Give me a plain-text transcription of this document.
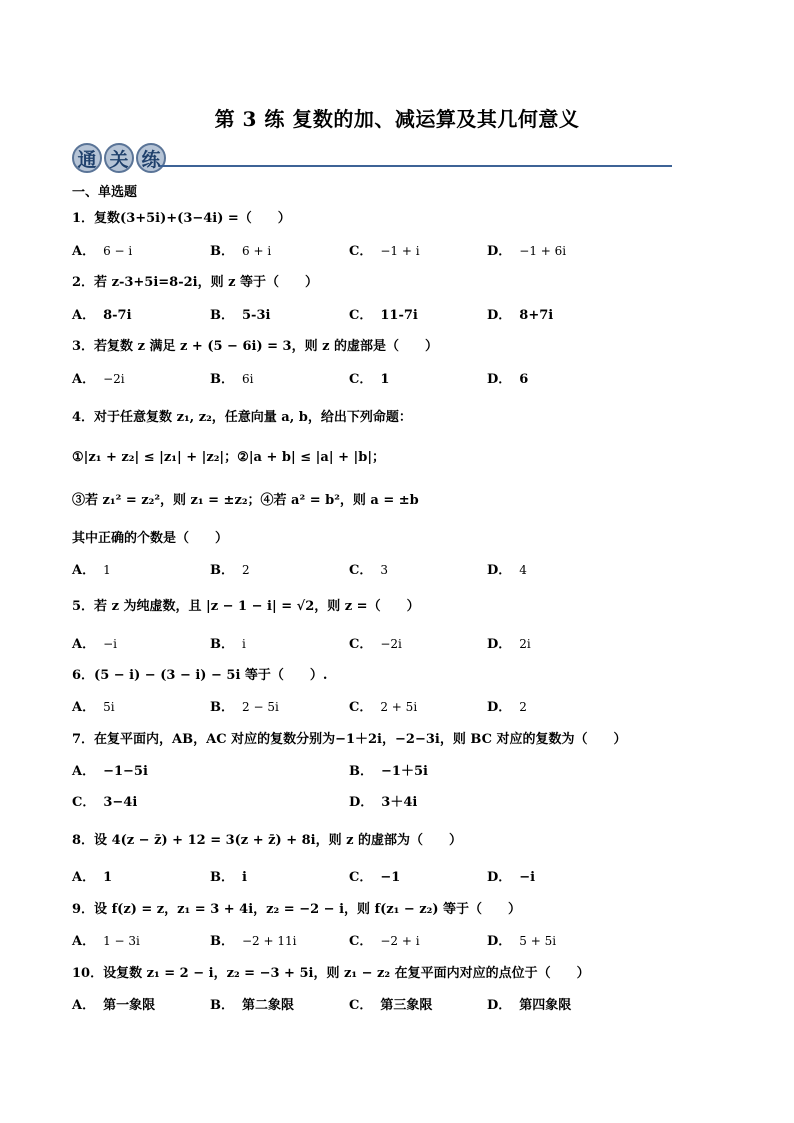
第 3 练 复数的加、减运算及其几何意义
通 关 练
一、单选题
1．复数(3+5i)+(3−4i) =（　　）
A． 6 − i	B． 6 + i	C． −1 + i	D． −1 + 6i
2．若 z-3+5i=8-2i，则 z 等于（　　）
A． 8-7i	B． 5-3i	C． 11-7i	D． 8+7i
3．若复数 z 满足 z + (5 − 6i) = 3，则 z 的虚部是（　　）
A． −2i	B． 6i	C． 1	D． 6
4．对于任意复数 z₁, z₂，任意向量 a, b，给出下列命题：
①|z₁ + z₂| ≤ |z₁| + |z₂|；②|a + b| ≤ |a| + |b|；
③若 z₁² = z₂²，则 z₁ = ±z₂；④若 a² = b²，则 a = ±b
其中正确的个数是（　　）
A． 1	B． 2	C． 3	D． 4
5．若 z 为纯虚数，且 |z − 1 − i| = √2，则 z =（　　）
A． −i	B． i	C． −2i	D． 2i
6．(5 − i) − (3 − i) − 5i 等于（　　）.
A． 5i	B． 2 − 5i	C． 2 + 5i	D． 2
7．在复平面内，AB，AC 对应的复数分别为−1＋2i，−2−3i，则 BC 对应的复数为（　　）
A． −1−5i	B． −1＋5i
C． 3−4i	D． 3＋4i
8．设 4(z − z̄) + 12 = 3(z + z̄) + 8i，则 z 的虚部为（　　）
A． 1	B． i	C． −1	D． −i
9．设 f(z) = z，z₁ = 3 + 4i，z₂ = −2 − i，则 f(z₁ − z₂) 等于（　　）
A． 1 − 3i	B． −2 + 11i	C． −2 + i	D． 5 + 5i
10．设复数 z₁ = 2 − i，z₂ = −3 + 5i，则 z₁ − z₂ 在复平面内对应的点位于（　　）
A． 第一象限	B． 第二象限	C． 第三象限	D． 第四象限
